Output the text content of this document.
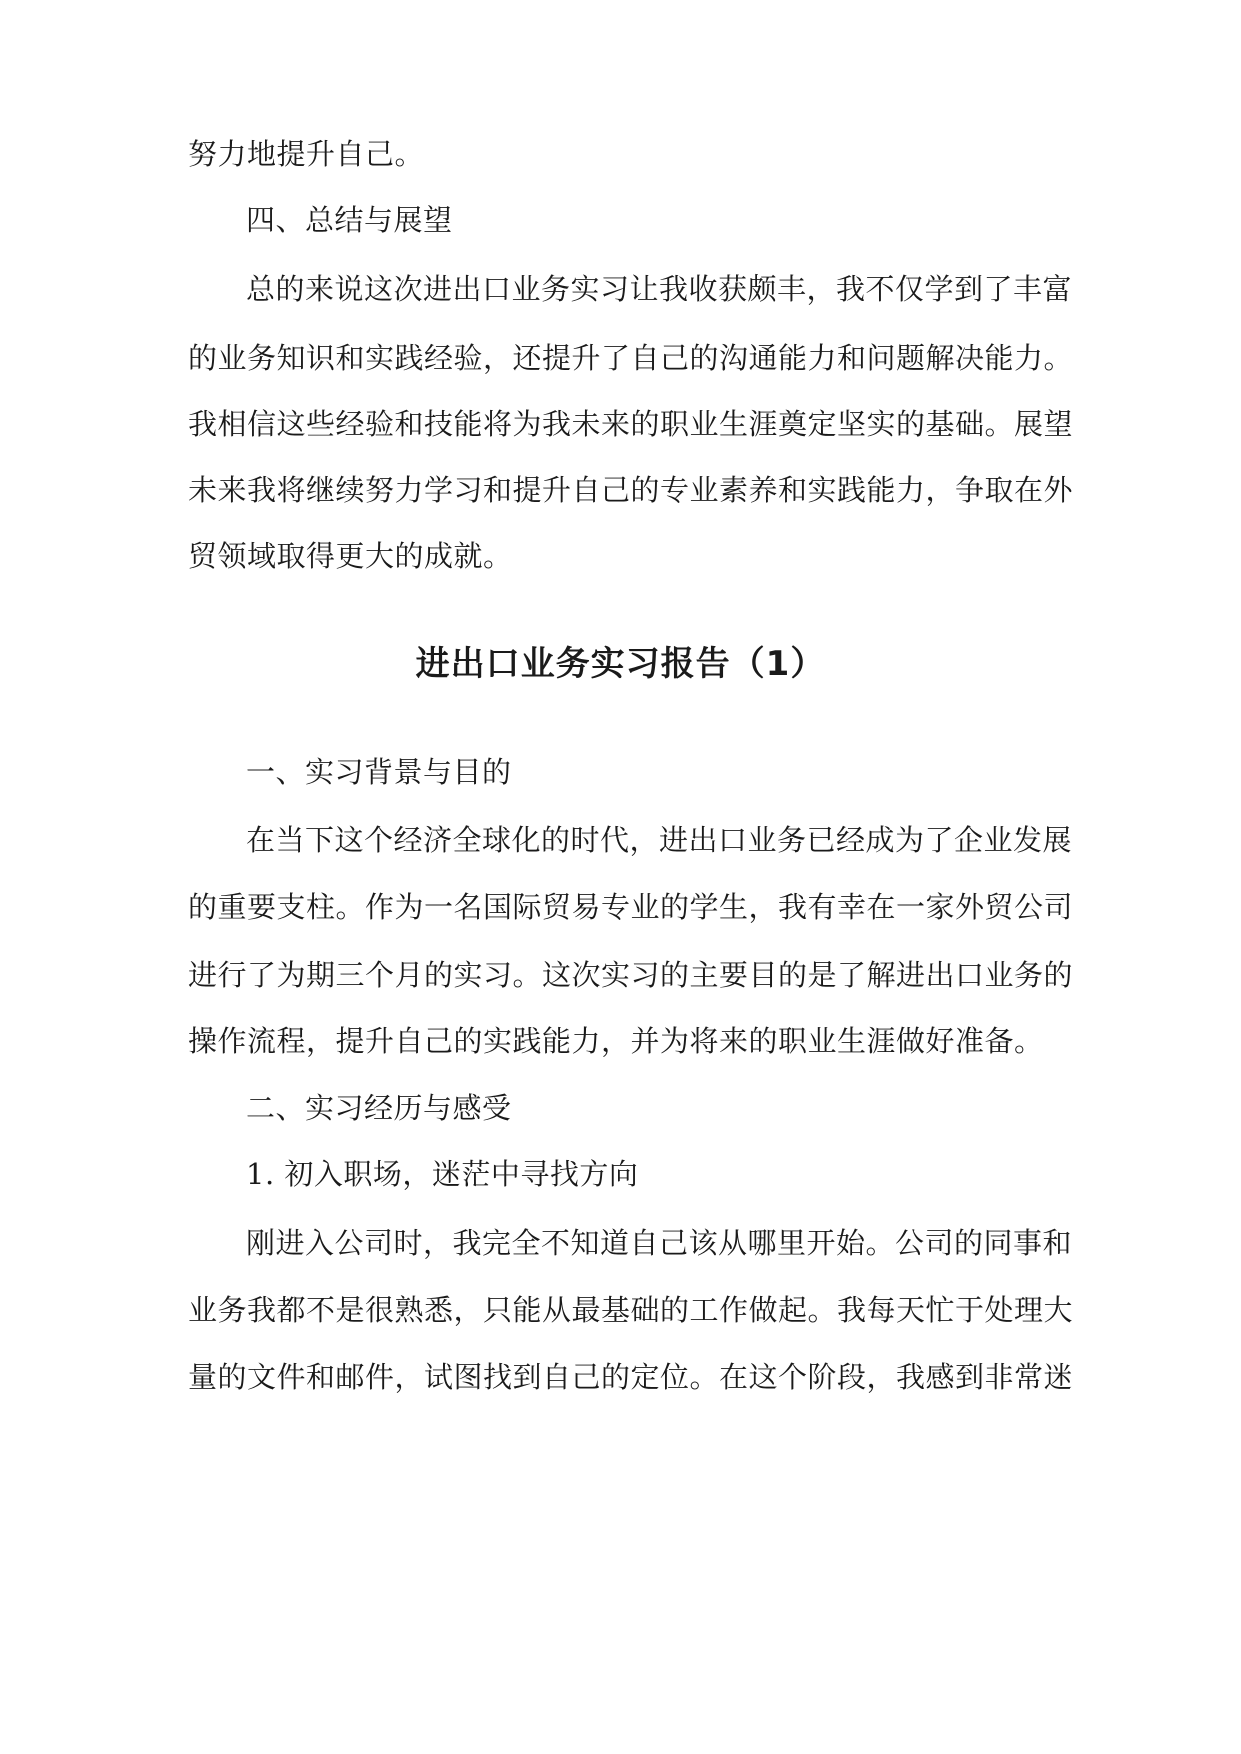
努力地提升自己。
四、总结与展望
总的来说这次进出口业务实习让我收获颇丰，我不仅学到了丰富
的业务知识和实践经验，还提升了自己的沟通能力和问题解决能力。
我相信这些经验和技能将为我未来的职业生涯奠定坚实的基础。展望
未来我将继续努力学习和提升自己的专业素养和实践能力，争取在外
贸领域取得更大的成就。
进出口业务实习报告（1）
一、实习背景与目的
在当下这个经济全球化的时代，进出口业务已经成为了企业发展
的重要支柱。作为一名国际贸易专业的学生，我有幸在一家外贸公司
进行了为期三个月的实习。这次实习的主要目的是了解进出口业务的
操作流程，提升自己的实践能力，并为将来的职业生涯做好准备。
二、实习经历与感受
1. 初入职场，迷茫中寻找方向
刚进入公司时，我完全不知道自己该从哪里开始。公司的同事和
业务我都不是很熟悉，只能从最基础的工作做起。我每天忙于处理大
量的文件和邮件，试图找到自己的定位。在这个阶段，我感到非常迷
